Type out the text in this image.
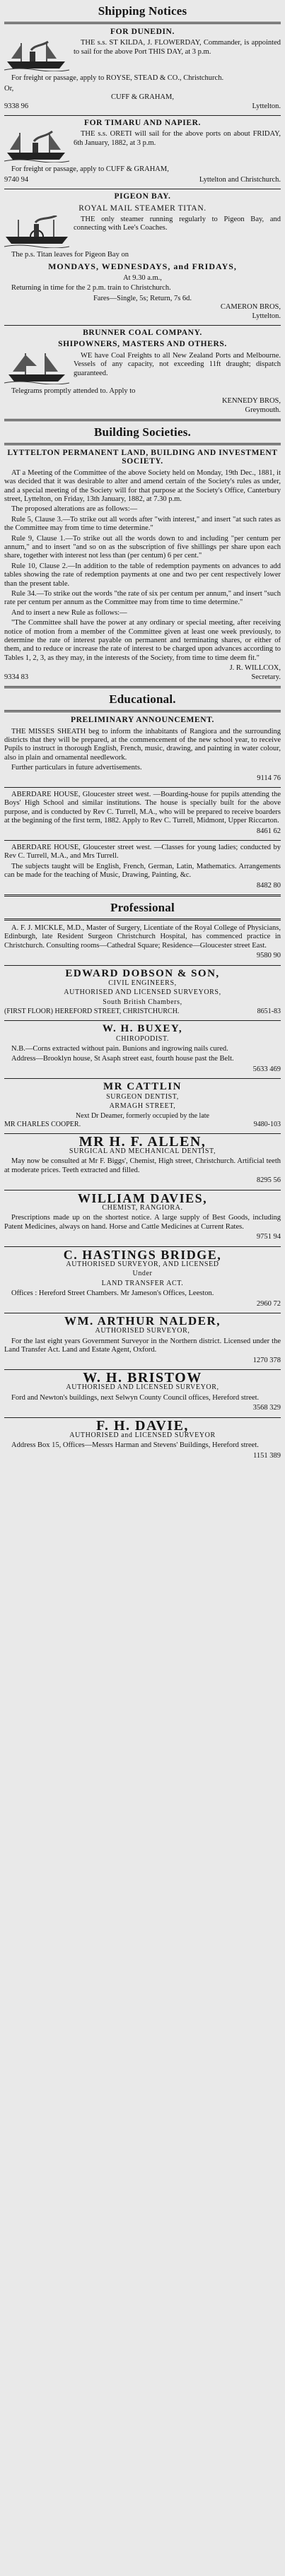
Shipping Notices
FOR DUNEDIN.
THE s.s. ST KILDA, J. FLOWERDAY, Commander, is appointed to sail for the above Port THIS DAY, at 3 p.m.
For freight or passage, apply to ROYSE, STEAD & CO., Christchurch.
Or,
CUFF & GRAHAM,
9338 96	Lyttelton.
FOR TIMARU AND NAPIER.
THE s.s. ORETI will sail for the above ports on about FRIDAY, 6th January, 1882, at 3 p.m.
For freight or passage, apply to CUFF & GRAHAM,
9740 94	Lyttelton and Christchurch.
PIGEON BAY.
ROYAL MAIL STEAMER TITAN.
THE only steamer running regularly to Pigeon Bay, and connecting with Lee's Coaches.
The p.s. Titan leaves for Pigeon Bay on
MONDAYS, WEDNESDAYS, and FRIDAYS,
At 9.30 a.m.,
Returning in time for the 2 p.m. train to Christchurch.
Fares—Single, 5s; Return, 7s 6d.
CAMERON BROS,
Lyttelton.
BRUNNER COAL COMPANY.
SHIPOWNERS, MASTERS AND OTHERS.
WE have Coal Freights to all New Zealand Ports and Melbourne. Vessels of any capacity, not exceeding 11ft draught; dispatch guaranteed.
Telegrams promptly attended to. Apply to
KENNEDY BROS,
Greymouth.
Building Societies.
LYTTELTON PERMANENT LAND, BUILDING AND INVESTMENT SOCIETY.
AT a Meeting of the Committee of the above Society held on Monday, 19th Dec., 1881, it was decided that it was desirable to alter and amend certain of the Society's rules as under, and a special meeting of the Society will for that purpose at the Society's Office, Canterbury street, Lyttelton, on Friday, 13th January, 1882, at 7.30 p.m.
The proposed alterations are as follows:—
Rule 5, Clause 3.—To strike out all words after "with interest," and insert "at such rates as the Committee may from time to time determine."
Rule 9, Clause 1.—To strike out all the words down to and including "per centum per annum," and to insert "and so on as the subscription of five shillings per share upon each share, together with interest not less than (per centum) 6 per cent."
Rule 10, Clause 2.—In addition to the table of redemption payments on advances to add tables showing the rate of redemption payments at one and two per cent respectively lower than the present table.
Rule 34.—To strike out the words "the rate of six per centum per annum," and insert "such rate per centum per annum as the Committee may from time to time determine."
And to insert a new Rule as follows:—
"The Committee shall have the power at any ordinary or special meeting, after receiving notice of motion from a member of the Committee given at least one week previously, to determine the rate of interest payable on permanent and terminating shares, or either of them, and to reduce or increase the rate of interest to be charged upon advances according to Tables 1, 2, 3, as they may, in the interests of the Society, from time to time deem fit."
J. R. WILLCOX,
9334 83	Secretary.
Educational.
PRELIMINARY ANNOUNCEMENT.
THE MISSES SHEATH beg to inform the inhabitants of Rangiora and the surrounding districts that they will be prepared, at the commencement of the new school year, to receive Pupils to instruct in thorough English, French, music, drawing, and painting in water colour, also in plain and ornamental needlework.
Further particulars in future advertisements.
9114 76
ABERDARE HOUSE, Gloucester street west. —Boarding-house for pupils attending the Boys' High School and similar institutions. The house is specially built for the above purpose, and is conducted by Rev C. Turrell, M.A., who will be prepared to receive boarders at the beginning of the first term, 1882. Apply to Rev C. Turrell, Midmont, Upper Riccarton.
8461 62
ABERDARE HOUSE, Gloucester street west. —Classes for young ladies; conducted by Rev C. Turrell, M.A., and Mrs Turrell.
The subjects taught will be English, French, German, Latin, Mathematics. Arrangements can be made for the teaching of Music, Drawing, Painting, &c.
8482 80
Professional
A. F. J. MICKLE, M.D., Master of Surgery, Licentiate of the Royal College of Physicians, Edinburgh, late Resident Surgeon Christchurch Hospital, has commenced practice in Christchurch. Consulting rooms—Cathedral Square; Residence—Gloucester street East.
9580 90
EDWARD DOBSON & SON,
CIVIL ENGINEERS,
AUTHORISED AND LICENSED SURVEYORS,
South British Chambers,
(FIRST FLOOR) HEREFORD STREET, CHRISTCHURCH.	8651-83
W. H. BUXEY,
CHIROPODIST.
N.B.—Corns extracted without pain. Bunions and ingrowing nails cured.
Address—Brooklyn house, St Asaph street east, fourth house past the Belt.
5633 469
MR CATTLIN
SURGEON DENTIST,
ARMAGH STREET,
Next Dr Deamer, formerly occupied by the late
MR CHARLES COOPER.	9480-103
MR H. F. ALLEN,
SURGICAL AND MECHANICAL DENTIST,
May now be consulted at Mr F. Biggs', Chemist, High street, Christchurch. Artificial teeth at moderate prices. Teeth extracted and filled.
8295 56
WILLIAM DAVIES,
CHEMIST, RANGIORA.
Prescriptions made up on the shortest notice. A large supply of Best Goods, including Patent Medicines, always on hand. Horse and Cattle Medicines at Current Rates.
9751 94
C. HASTINGS BRIDGE,
AUTHORISED SURVEYOR, AND LICENSED
Under
LAND TRANSFER ACT.
Offices : Hereford Street Chambers. Mr Jameson's Offices, Leeston.
2960 72
WM. ARTHUR NALDER,
AUTHORISED SURVEYOR,
For the last eight years Government Surveyor in the Northern district. Licensed under the Land Transfer Act. Land and Estate Agent, Oxford.
1270 378
W. H. BRISTOW
AUTHORISED AND LICENSED SURVEYOR,
Ford and Newton's buildings, next Selwyn County Council offices, Hereford street.
3568 329
F. H. DAVIE,
AUTHORISED and LICENSED SURVEYOR
Address Box 15, Offices—Messrs Harman and Stevens' Buildings, Hereford street.
1151 389
